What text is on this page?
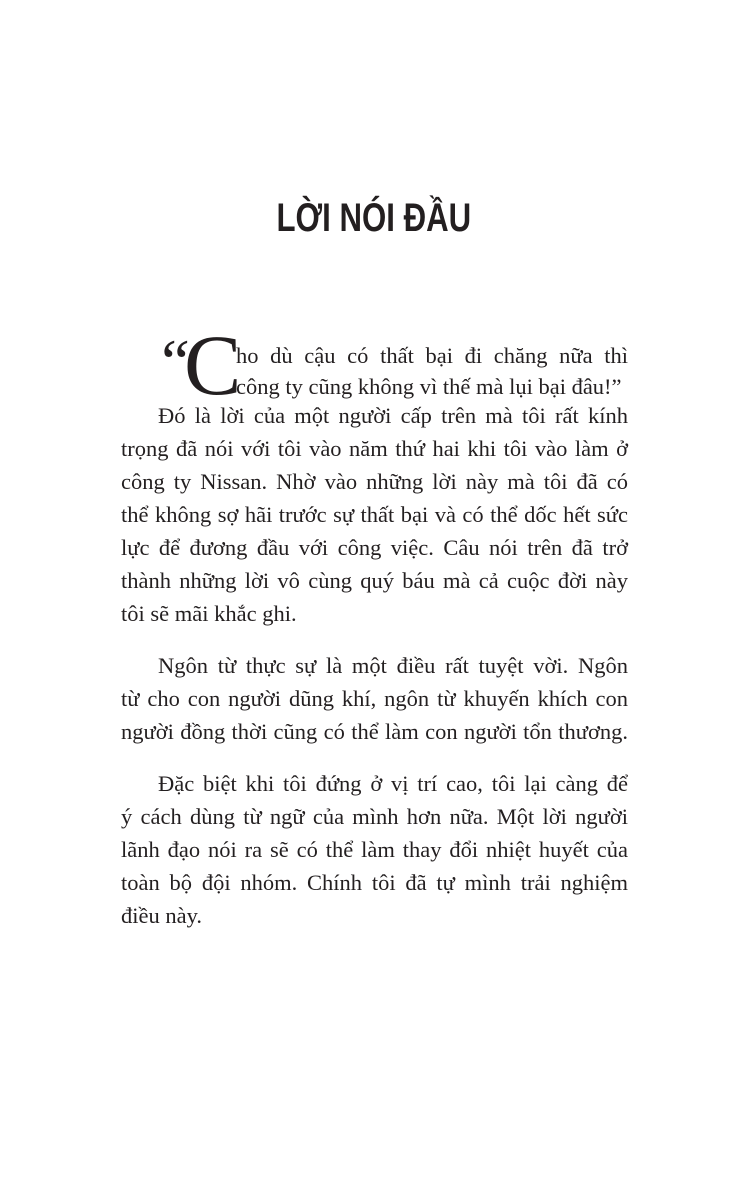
LỜI NÓI ĐẦU
“
C
ho dù cậu có thất bại đi chăng nữa thì
công ty cũng không vì thế mà lụi bại đâu!”
Đó là lời của một người cấp trên mà tôi rất kính
trọng đã nói với tôi vào năm thứ hai khi tôi vào làm ở
công ty Nissan. Nhờ vào những lời này mà tôi đã có
thể không sợ hãi trước sự thất bại và có thể dốc hết sức
lực để đương đầu với công việc. Câu nói trên đã trở
thành những lời vô cùng quý báu mà cả cuộc đời này
tôi sẽ mãi khắc ghi.
Ngôn từ thực sự là một điều rất tuyệt vời. Ngôn
từ cho con người dũng khí, ngôn từ khuyến khích con
người đồng thời cũng có thể làm con người tổn thương.
Đặc biệt khi tôi đứng ở vị trí cao, tôi lại càng để
ý cách dùng từ ngữ của mình hơn nữa. Một lời người
lãnh đạo nói ra sẽ có thể làm thay đổi nhiệt huyết của
toàn bộ đội nhóm. Chính tôi đã tự mình trải nghiệm
điều này.
